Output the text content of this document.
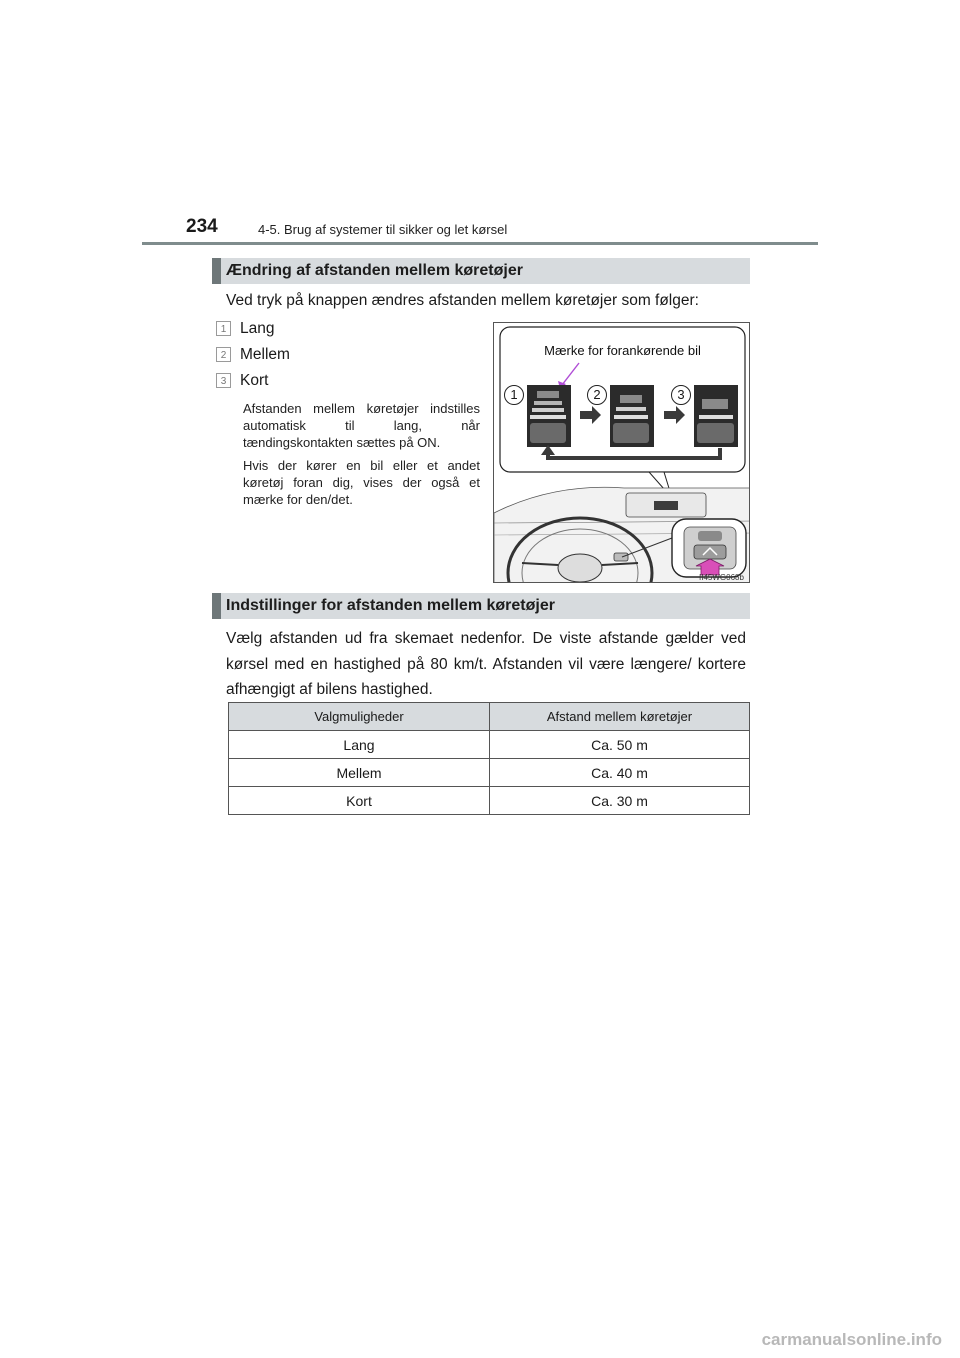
234	4-5. Brug af systemer til sikker og let kørsel
Ændring af afstanden mellem køretøjer
Ved tryk på knappen ændres afstanden mellem køretøjer som følger:
1 Lang
2 Mellem
3 Kort
Afstanden mellem køretøjer indstilles automatisk til lang, når tændingskontakten sættes på ON.
Hvis der kører en bil eller et andet køretøj foran dig, vises der også et mærke for den/det.
Mærke for forankørende bil
1	2	3
II45WG068b
Indstillinger for afstanden mellem køretøjer
Vælg afstanden ud fra skemaet nedenfor. De viste afstande gælder ved kørsel med en hastighed på 80 km/t. Afstanden vil være længere/ kortere afhængigt af bilens hastighed.
Valgmuligheder	Afstand mellem køretøjer
Lang	Ca. 50 m
Mellem	Ca. 40 m
Kort	Ca. 30 m
carmanualsonline.info
